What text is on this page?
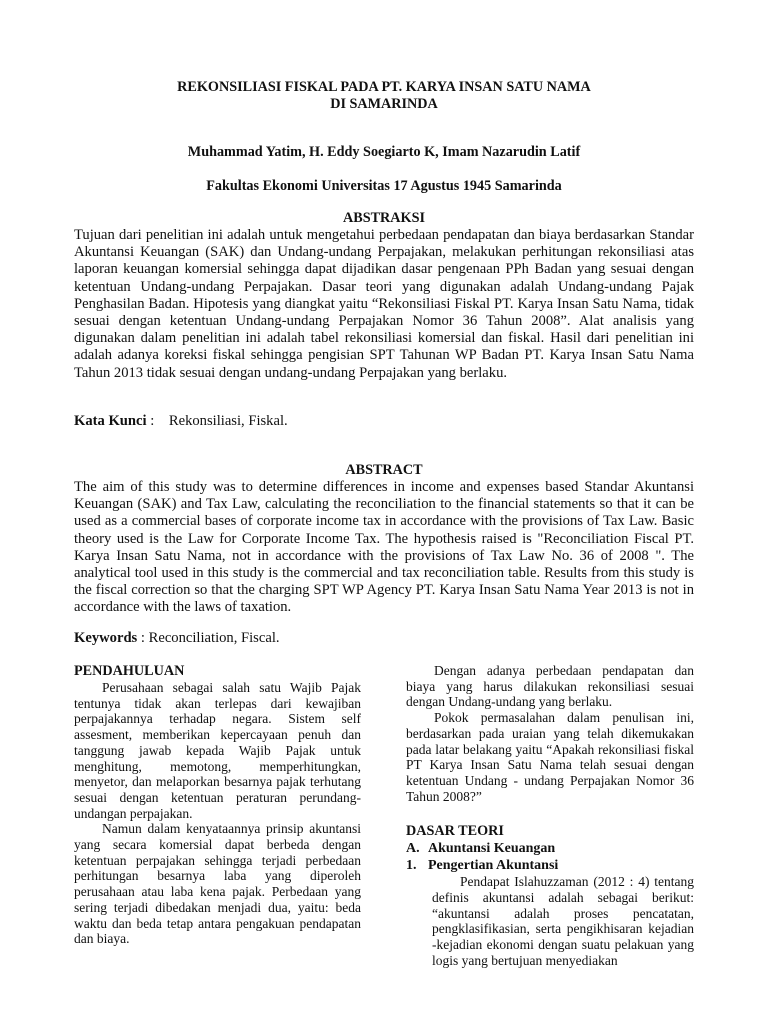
REKONSILIASI FISKAL PADA PT. KARYA INSAN SATU NAMA
DI SAMARINDA
Muhammad Yatim, H. Eddy Soegiarto K, Imam Nazarudin Latif
Fakultas Ekonomi Universitas 17 Agustus 1945 Samarinda
ABSTRAKSI
Tujuan dari penelitian ini adalah untuk mengetahui perbedaan pendapatan dan biaya berdasarkan Standar Akuntansi Keuangan (SAK) dan Undang-undang Perpajakan, melakukan perhitungan rekonsiliasi atas laporan keuangan komersial sehingga dapat dijadikan dasar pengenaan PPh Badan yang sesuai dengan ketentuan Undang-undang Perpajakan. Dasar teori yang digunakan adalah Undang-undang Pajak Penghasilan Badan. Hipotesis yang diangkat yaitu “Rekonsiliasi Fiskal PT. Karya Insan Satu Nama, tidak sesuai dengan ketentuan Undang-undang Perpajakan Nomor 36 Tahun 2008”. Alat analisis yang digunakan dalam penelitian ini adalah tabel rekonsiliasi komersial dan fiskal. Hasil dari penelitian ini adalah adanya koreksi fiskal sehingga pengisian SPT Tahunan WP Badan PT. Karya Insan Satu Nama Tahun 2013 tidak sesuai dengan undang-undang Perpajakan yang berlaku.
Kata Kunci :    Rekonsiliasi, Fiskal.
ABSTRACT
The aim of this study was to determine differences in income and expenses based Standar Akuntansi Keuangan (SAK) and Tax Law, calculating the reconciliation to the financial statements so that it can be used as a commercial bases of corporate income tax in accordance with the provisions of Tax Law. Basic theory used is the Law for Corporate Income Tax. The hypothesis raised is "Reconciliation Fiscal PT. Karya Insan Satu Nama, not in accordance with the provisions of Tax Law No. 36 of 2008 ". The analytical tool used in this study is the commercial and tax reconciliation table. Results from this study is the fiscal correction so that the charging SPT WP Agency PT. Karya Insan Satu Nama Year 2013 is not in accordance with the laws of taxation.
Keywords : Reconciliation, Fiscal.

PENDAHULUAN

Perusahaan sebagai salah satu Wajib Pajak tentunya tidak akan terlepas dari kewajiban perpajakannya terhadap negara. Sistem self assesment, memberikan kepercayaan penuh dan tanggung jawab kepada Wajib Pajak untuk menghitung, memotong, memperhitungkan, menyetor, dan melaporkan besarnya pajak terhutang sesuai dengan ketentuan peraturan perundang-undangan perpajakan.

Namun dalam kenyataannya prinsip akuntansi yang secara komersial dapat berbeda dengan ketentuan perpajakan sehingga terjadi perbedaan perhitungan besarnya laba yang diperoleh perusahaan atau laba kena pajak. Perbedaan yang sering terjadi dibedakan menjadi dua, yaitu: beda waktu dan beda tetap antara pengakuan pendapatan dan biaya.

Dengan adanya perbedaan pendapatan dan biaya yang harus dilakukan rekonsiliasi sesuai dengan Undang-undang yang berlaku.

Pokok permasalahan dalam penulisan ini, berdasarkan pada uraian yang telah dikemukakan pada latar belakang yaitu “Apakah rekonsiliasi fiskal PT Karya Insan Satu Nama telah sesuai dengan ketentuan Undang - undang Perpajakan Nomor 36 Tahun 2008?”

DASAR TEORI

A. Akuntansi Keuangan

1. Pengertian Akuntansi

Pendapat Islahuzzaman (2012 : 4) tentang definis akuntansi adalah sebagai berikut: “akuntansi adalah proses pencatatan, pengklasifikasian, serta pengikhisaran kejadian -kejadian ekonomi dengan suatu pelakuan yang logis yang bertujuan menyediakan
